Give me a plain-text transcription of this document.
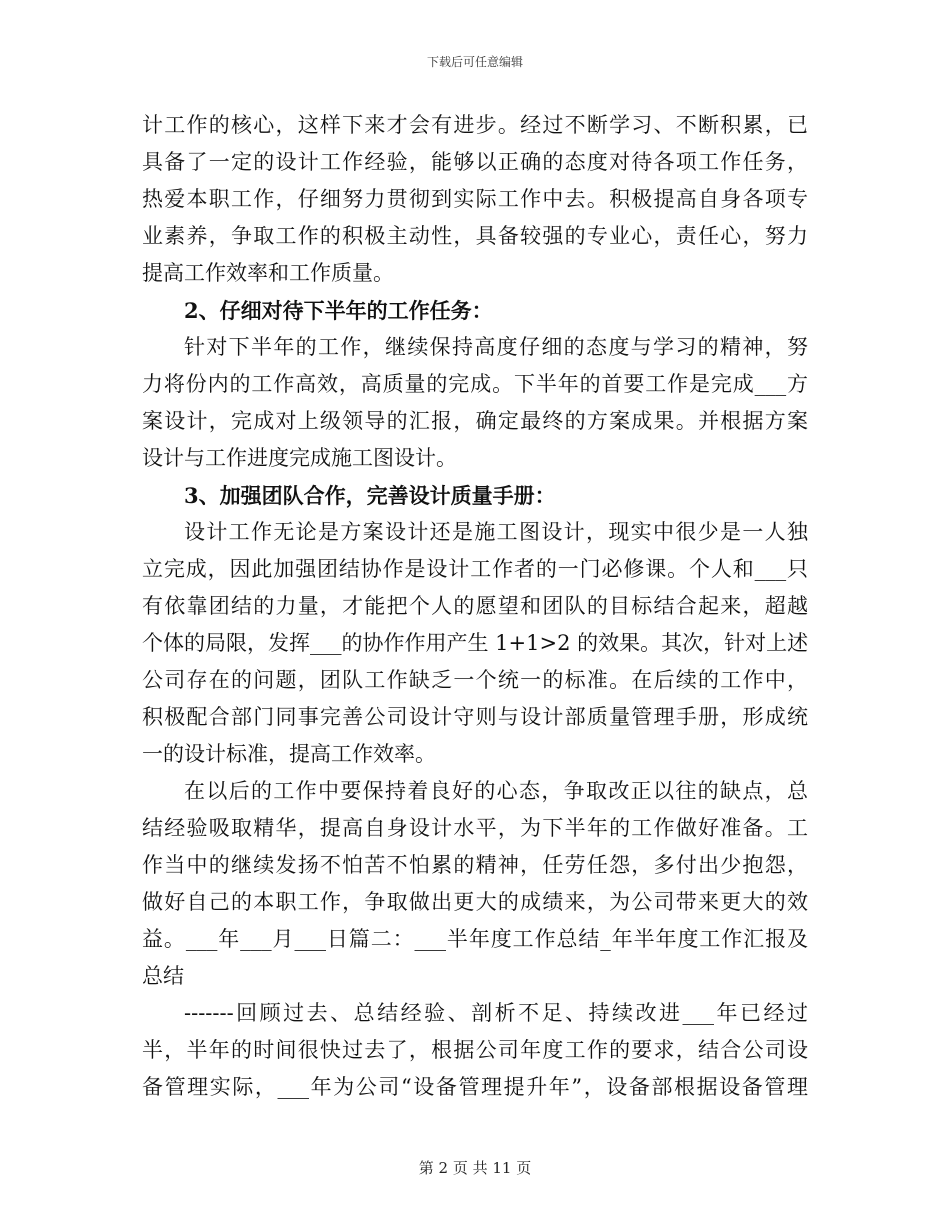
下载后可任意编辑
计工作的核心，这样下来才会有进步。经过不断学习、不断积累，已
具备了一定的设计工作经验，能够以正确的态度对待各项工作任务，
热爱本职工作，仔细努力贯彻到实际工作中去。积极提高自身各项专
业素养，争取工作的积极主动性，具备较强的专业心，责任心，努力
提高工作效率和工作质量。
2、仔细对待下半年的工作任务：
针对下半年的工作，继续保持高度仔细的态度与学习的精神，努
力将份内的工作高效，高质量的完成。下半年的首要工作是完成___方
案设计，完成对上级领导的汇报，确定最终的方案成果。并根据方案
设计与工作进度完成施工图设计。
3、加强团队合作，完善设计质量手册：
设计工作无论是方案设计还是施工图设计，现实中很少是一人独
立完成，因此加强团结协作是设计工作者的一门必修课。个人和___只
有依靠团结的力量，才能把个人的愿望和团队的目标结合起来，超越
个体的局限，发挥___的协作作用产生 1+1>2 的效果。其次，针对上述
公司存在的问题，团队工作缺乏一个统一的标准。在后续的工作中，
积极配合部门同事完善公司设计守则与设计部质量管理手册，形成统
一的设计标准，提高工作效率。
在以后的工作中要保持着良好的心态，争取改正以往的缺点，总
结经验吸取精华，提高自身设计水平，为下半年的工作做好准备。工
作当中的继续发扬不怕苦不怕累的精神，任劳任怨，多付出少抱怨，
做好自己的本职工作，争取做出更大的成绩来，为公司带来更大的效
益。___年___月___日篇二：___半年度工作总结_年半年度工作汇报及
总结
-------回顾过去、总结经验、剖析不足、持续改进___年已经过
半，半年的时间很快过去了，根据公司年度工作的要求，结合公司设
备管理实际，___年为公司“设备管理提升年”，设备部根据设备管理
第 2 页 共 11 页
